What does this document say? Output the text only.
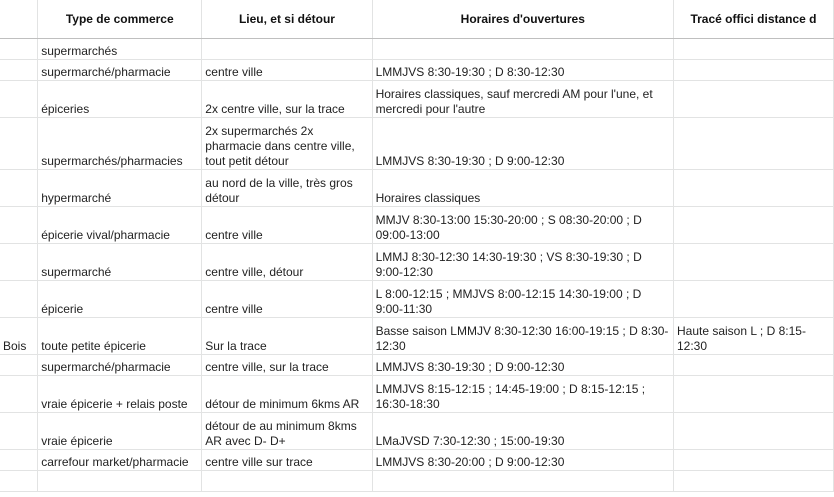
	Type de commerce	Lieu, et si détour	Horaires d'ouvertures	Tracé offici distance d
	supermarchés			
	supermarché/pharmacie	centre ville	LMMJVS 8:30-19:30 ; D 8:30-12:30	
	épiceries	2x centre ville, sur la trace	Horaires classiques, sauf mercredi AM pour l'une, et mercredi pour l'autre	
	supermarchés/pharmacies	2x supermarchés 2x pharmacie dans centre ville, tout petit détour	LMMJVS 8:30-19:30 ; D 9:00-12:30	
	hypermarché	au nord de la ville, très gros détour	Horaires classiques	
	épicerie vival/pharmacie	centre ville	MMJV 8:30-13:00 15:30-20:00 ; S 08:30-20:00 ; D 09:00-13:00	
	supermarché	centre ville, détour	LMMJ 8:30-12:30 14:30-19:30 ; VS 8:30-19:30 ; D 9:00-12:30	
	épicerie	centre ville	L 8:00-12:15 ; MMJVS 8:00-12:15 14:30-19:00 ; D 9:00-11:30	
Bois	toute petite épicerie	Sur la trace	Basse saison LMMJV 8:30-12:30 16:00-19:15 ; D 8:30-12:30	Haute saison L ; D 8:15-12:30
	supermarché/pharmacie	centre ville, sur la trace	LMMJVS 8:30-19:30 ; D 9:00-12:30	
	vraie épicerie + relais poste	détour de minimum 6kms AR	LMMJVS 8:15-12:15 ; 14:45-19:00 ; D 8:15-12:15 ; 16:30-18:30	
	vraie épicerie	détour de au minimum 8kms AR avec D- D+	LMaJVSD 7:30-12:30 ; 15:00-19:30	
	carrefour market/pharmacie	centre ville sur trace	LMMJVS 8:30-20:00 ; D 9:00-12:30	
